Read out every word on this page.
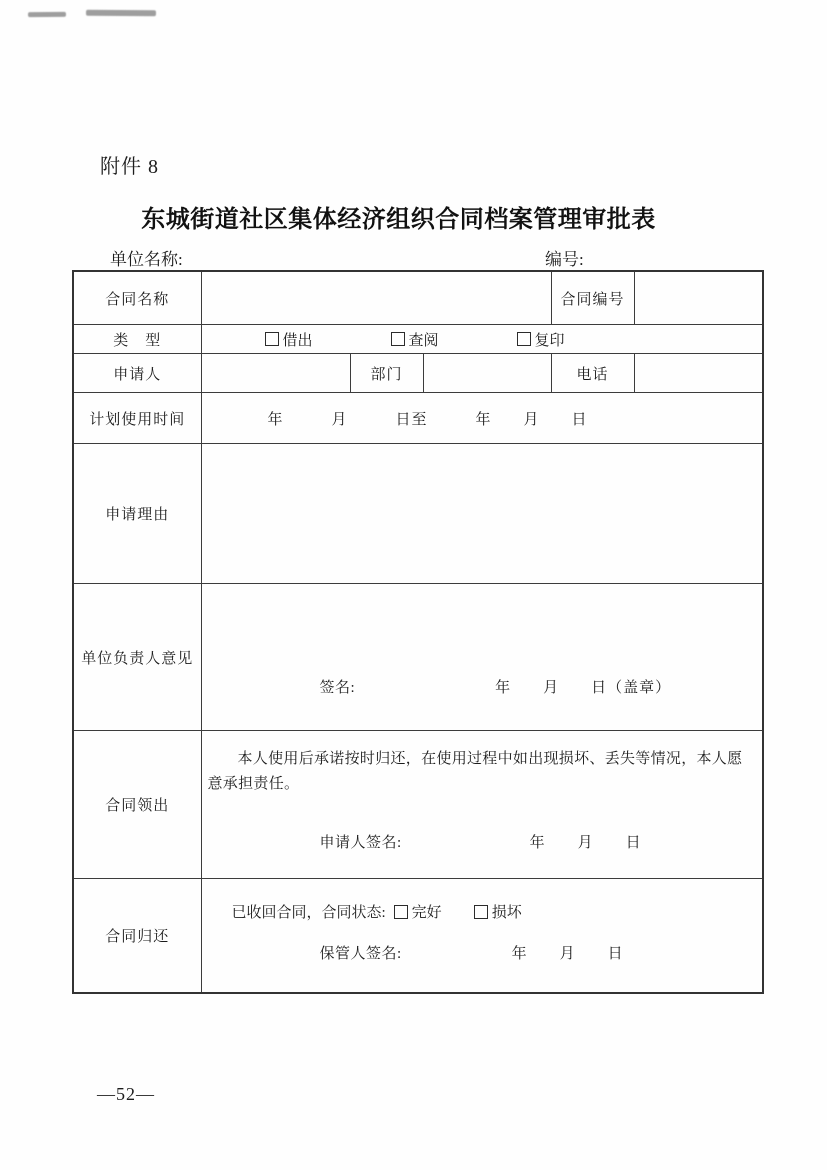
附件 8
东城街道社区集体经济组织合同档案管理审批表
单位名称:	编号:
合同名称				合同编号	
类　型	借出 查阅 复印				

申请人		部门		电话	
计划使用时间	年　　　月　　　日至　　　年　　月　　日				
申请理由					
单位负责人意见	签名: 年　　月　　日（盖章）				

合同领出	本人使用后承诺按时归还，在使用过程中如出现损坏、丢失等情况，本人愿意承担责任。
申请人签名: 年　　月　　日				

合同归还	已收回合同，合同状态: 完好 损坏
保管人签名: 年　　月　　日				
—52—
